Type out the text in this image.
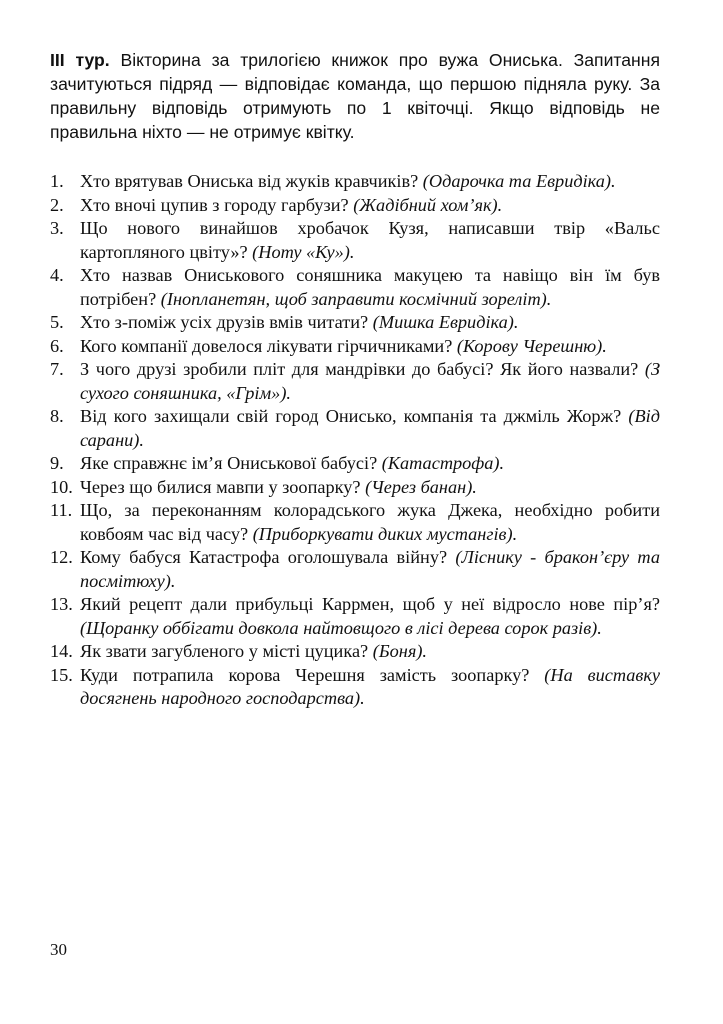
III тур. Вікторина за трилогією книжок про вужа Ониська. Запитання зачитуються підряд — відповідає команда, що першою підняла руку. За правильну відповідь отримують по 1 квіточці. Якщо відповідь не правильна ніхто — не отримує квітку.

1. Хто врятував Ониська від жуків кравчиків? (Одарочка та Евридіка).
2. Хто вночі цупив з городу гарбузи? (Жадібний хом’як).
3. Що нового винайшов хробачок Кузя, написавши твір «Вальс картопляного цвіту»? (Ноту «Ку»).
4. Хто назвав Ониськового соняшника макуцею та навіщо він їм був потрібен? (Інопланетян, щоб заправити космічний зореліт).
5. Хто з-поміж усіх друзів вмів читати? (Мишка Евридіка).
6. Кого компанії довелося лікувати гірчичниками? (Корову Черешню).
7. З чого друзі зробили пліт для мандрівки до бабусі? Як його назвали? (З сухого соняшника, «Грім»).
8. Від кого захищали свій город Онисько, компанія та джміль Жорж? (Від сарани).
9. Яке справжнє ім’я Ониськової бабусі? (Катастрофа).
10. Через що билися мавпи у зоопарку? (Через банан).
11. Що, за переконанням колорадського жука Джека, необхідно робити ковбоям час від часу? (Приборкувати диких мустангів).
12. Кому бабуся Катастрофа оголошувала війну? (Ліснику - бракон’єру та посмітюху).
13. Який рецепт дали прибульці Каррмен, щоб у неї відросло нове пір’я? (Щоранку оббігати довкола найтовщого в лісі дерева сорок разів).
14. Як звати загубленого у місті цуцика? (Боня).
15. Куди потрапила корова Черешня замість зоопарку? (На виставку досягнень народного господарства).
30
